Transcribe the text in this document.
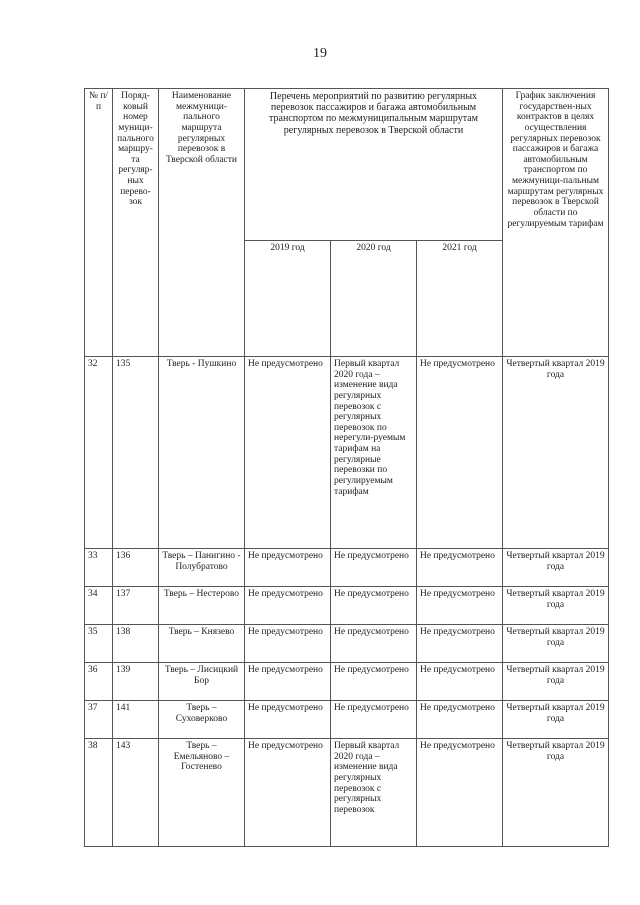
19
№ п/п	Поряд-ковый номер муници-пального маршру-та регуляр-ных перево-зок	Наименование межмуници-пального маршрута регулярных перевозок в Тверской области	Перечень мероприятий по развитию регулярных перевозок пассажиров и багажа автомобильным транспортом по межмуниципальным маршрутам регулярных перевозок в Тверской области			График заключения государствен-ных контрактов в целях осуществления регулярных перевозок пассажиров и багажа автомобильным транспортом по межмуници-пальным маршрутам регулярных перевозок в Тверской области по регулируемым тарифам
			2019 год	2020 год	2021 год	
32	135	Тверь - Пушкино	Не предусмотрено	Первый квартал 2020 года – изменение вида регулярных перевозок с регулярных перевозок по нерегули-руемым тарифам на регулярные перевозки по регулируемым тарифам	Не предусмотрено	Четвертый квартал 2019 года
33	136	Тверь – Панигино - Полубратово	Не предусмотрено	Не предусмотрено	Не предусмотрено	Четвертый квартал 2019 года
34	137	Тверь – Нестерово	Не предусмотрено	Не предусмотрено	Не предусмотрено	Четвертый квартал 2019 года
35	138	Тверь – Князево	Не предусмотрено	Не предусмотрено	Не предусмотрено	Четвертый квартал 2019 года
36	139	Тверь – Лисицкий Бор	Не предусмотрено	Не предусмотрено	Не предусмотрено	Четвертый квартал 2019 года
37	141	Тверь – Суховерково	Не предусмотрено	Не предусмотрено	Не предусмотрено	Четвертый квартал 2019 года
38	143	Тверь – Емельяново – Гостенево	Не предусмотрено	Первый квартал 2020 года – изменение вида регулярных перевозок с регулярных перевозок	Не предусмотрено	Четвертый квартал 2019 года
